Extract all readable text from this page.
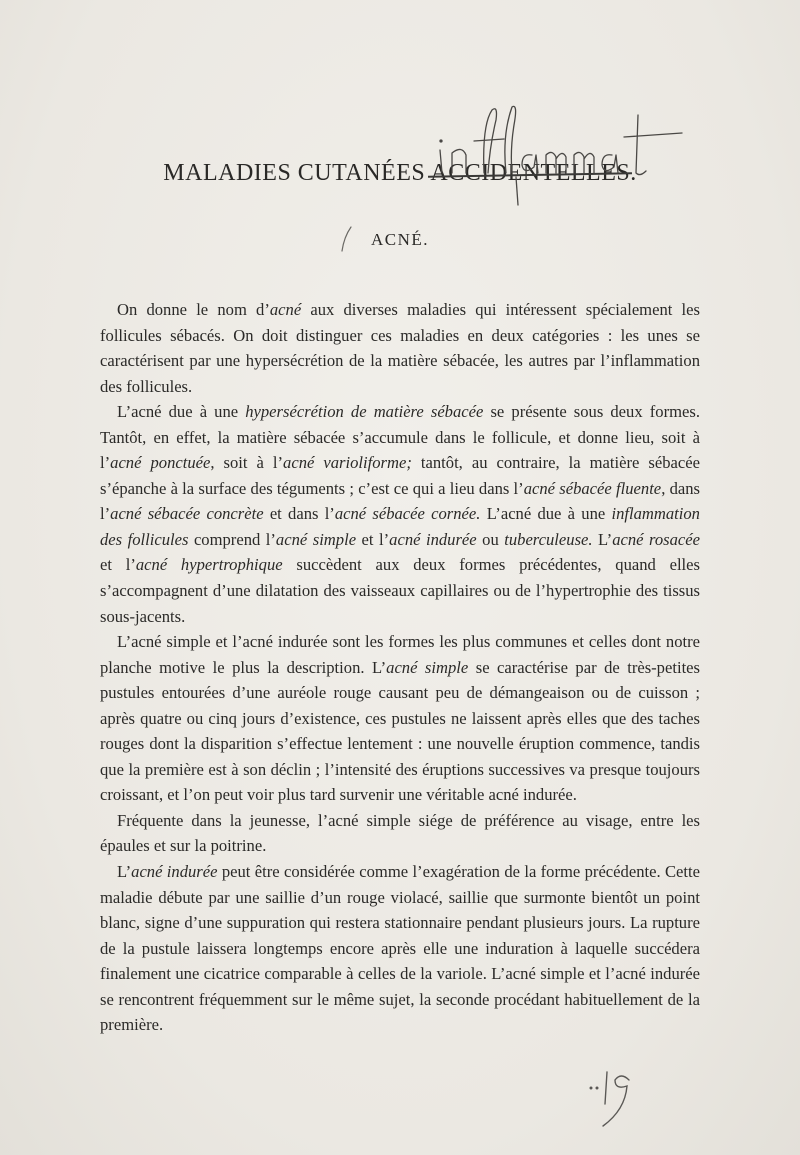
MALADIES CUTANÉES ACCIDENTELLES.
inflammat
ACNÉ.

On donne le nom d’acné aux diverses maladies qui intéressent spécialement les follicules sébacés. On doit distinguer ces maladies en deux catégories : les unes se caractérisent par une hypersécrétion de la matière sébacée, les autres par l’inflammation des follicules.

L’acné due à une hypersécrétion de matière sébacée se présente sous deux formes. Tantôt, en effet, la matière sébacée s’accumule dans le follicule, et donne lieu, soit à l’acné ponctuée, soit à l’acné varioliforme; tantôt, au contraire, la matière sébacée s’épanche à la surface des téguments ; c’est ce qui a lieu dans l’acné sébacée fluente, dans l’acné sébacée concrète et dans l’acné sébacée cornée. L’acné due à une inflammation des follicules comprend l’acné simple et l’acné indurée ou tuberculeuse. L’acné rosacée et l’acné hypertrophique succèdent aux deux formes précédentes, quand elles s’accompagnent d’une dilatation des vaisseaux capillaires ou de l’hypertrophie des tissus sous-jacents.

L’acné simple et l’acné indurée sont les formes les plus communes et celles dont notre planche motive le plus la description. L’acné simple se caractérise par de très-petites pustules entourées d’une auréole rouge causant peu de démangeaison ou de cuisson ; après quatre ou cinq jours d’existence, ces pustules ne laissent après elles que des taches rouges dont la disparition s’effectue lentement : une nouvelle éruption commence, tandis que la première est à son déclin ; l’intensité des éruptions successives va presque toujours croissant, et l’on peut voir plus tard survenir une véritable acné indurée.

Fréquente dans la jeunesse, l’acné simple siége de préférence au visage, entre les épaules et sur la poitrine.

L’acné indurée peut être considérée comme l’exagération de la forme précédente. Cette maladie débute par une saillie d’un rouge violacé, saillie que surmonte bientôt un point blanc, signe d’une suppuration qui restera stationnaire pendant plusieurs jours. La rupture de la pustule laissera longtemps encore après elle une induration à laquelle succédera finalement une cicatrice comparable à celles de la variole. L’acné simple et l’acné indurée se rencontrent fréquemment sur le même sujet, la seconde procédant habituellement de la première.

19
